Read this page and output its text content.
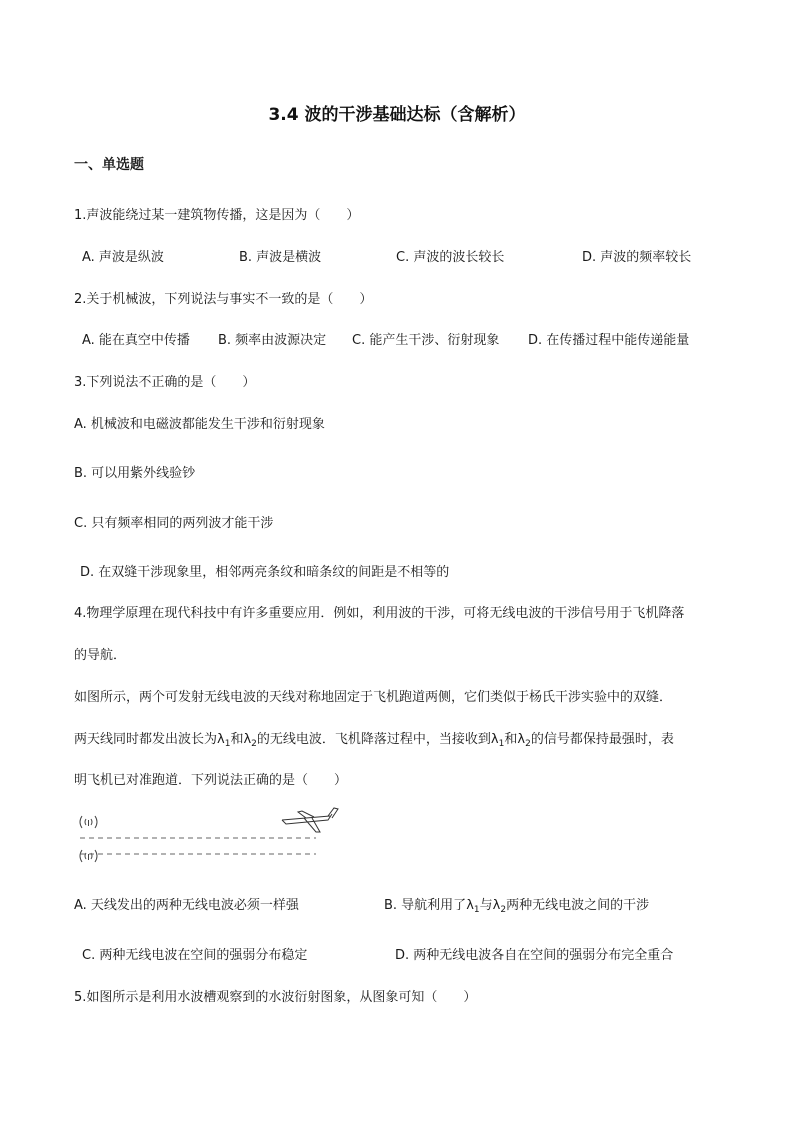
3.4 波的干涉基础达标（含解析）
一、单选题
1.声波能绕过某一建筑物传播，这是因为（　　）
A. 声波是纵波	B. 声波是横波	C. 声波的波长较长	D. 声波的频率较长
2.关于机械波，下列说法与事实不一致的是（　　）
A. 能在真空中传播 B. 频率由波源决定 C. 能产生干涉、衍射现象 D. 在传播过程中能传递能量
3.下列说法不正确的是（　　）
A. 机械波和电磁波都能发生干涉和衍射现象
B. 可以用紫外线验钞
C. 只有频率相同的两列波才能干涉
D. 在双缝干涉现象里，相邻两亮条纹和暗条纹的间距是不相等的
4.物理学原理在现代科技中有许多重要应用．例如，利用波的干涉，可将无线电波的干涉信号用于飞机降落
的导航．
如图所示，两个可发射无线电波的天线对称地固定于飞机跑道两侧，它们类似于杨氏干涉实验中的双缝．
两天线同时都发出波长为$\lambda_1$和$\lambda_2$的无线电波．飞机降落过程中，当接收到$\lambda_1$和$\lambda_2$的信号都保持最强时，表
明飞机已对准跑道．下列说法正确的是（　　）
A. 天线发出的两种无线电波必须一样强	B. 导航利用了$\lambda_1$与$\lambda_2$两种无线电波之间的干涉
C. 两种无线电波在空间的强弱分布稳定	D. 两种无线电波各自在空间的强弱分布完全重合
5.如图所示是利用水波槽观察到的水波衍射图象，从图象可知（　　）
